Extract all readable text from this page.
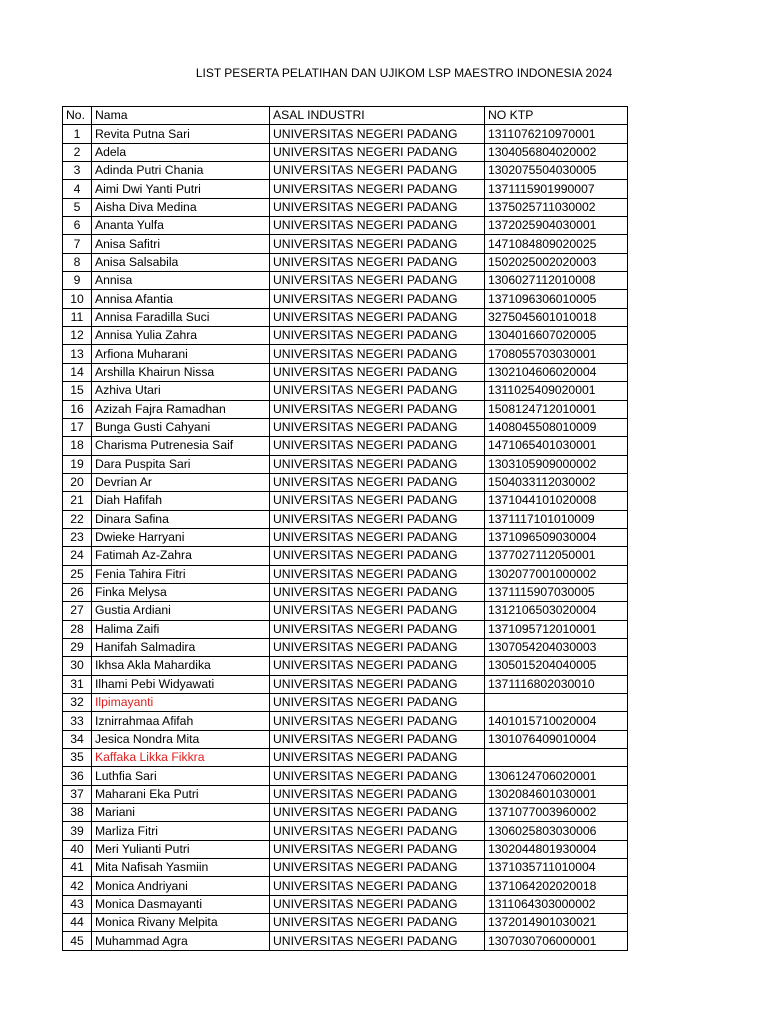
LIST PESERTA PELATIHAN DAN UJIKOM LSP MAESTRO INDONESIA 2024
No.	Nama	ASAL INDUSTRI	NO KTP
1	Revita Putna Sari	UNIVERSITAS NEGERI PADANG	1311076210970001
2	Adela	UNIVERSITAS NEGERI PADANG	1304056804020002
3	Adinda Putri Chania	UNIVERSITAS NEGERI PADANG	1302075504030005
4	Aimi Dwi Yanti Putri	UNIVERSITAS NEGERI PADANG	1371115901990007
5	Aisha Diva Medina	UNIVERSITAS NEGERI PADANG	1375025711030002
6	Ananta Yulfa	UNIVERSITAS NEGERI PADANG	1372025904030001
7	Anisa Safitri	UNIVERSITAS NEGERI PADANG	1471084809020025
8	Anisa Salsabila	UNIVERSITAS NEGERI PADANG	1502025002020003
9	Annisa	UNIVERSITAS NEGERI PADANG	1306027112010008
10	Annisa Afantia	UNIVERSITAS NEGERI PADANG	1371096306010005
11	Annisa Faradilla Suci	UNIVERSITAS NEGERI PADANG	3275045601010018
12	Annisa Yulia Zahra	UNIVERSITAS NEGERI PADANG	1304016607020005
13	Arfiona Muharani	UNIVERSITAS NEGERI PADANG	1708055703030001
14	Arshilla Khairun Nissa	UNIVERSITAS NEGERI PADANG	1302104606020004
15	Azhiva Utari	UNIVERSITAS NEGERI PADANG	1311025409020001
16	Azizah Fajra Ramadhan	UNIVERSITAS NEGERI PADANG	1508124712010001
17	Bunga Gusti Cahyani	UNIVERSITAS NEGERI PADANG	1408045508010009
18	Charisma Putrenesia Saif	UNIVERSITAS NEGERI PADANG	1471065401030001
19	Dara Puspita Sari	UNIVERSITAS NEGERI PADANG	1303105909000002
20	Devrian Ar	UNIVERSITAS NEGERI PADANG	1504033112030002
21	Diah Hafifah	UNIVERSITAS NEGERI PADANG	1371044101020008
22	Dinara Safina	UNIVERSITAS NEGERI PADANG	1371117101010009
23	Dwieke Harryani	UNIVERSITAS NEGERI PADANG	1371096509030004
24	Fatimah Az-Zahra	UNIVERSITAS NEGERI PADANG	1377027112050001
25	Fenia Tahira Fitri	UNIVERSITAS NEGERI PADANG	1302077001000002
26	Finka Melysa	UNIVERSITAS NEGERI PADANG	1371115907030005
27	Gustia Ardiani	UNIVERSITAS NEGERI PADANG	1312106503020004
28	Halima Zaifi	UNIVERSITAS NEGERI PADANG	1371095712010001
29	Hanifah Salmadira	UNIVERSITAS NEGERI PADANG	1307054204030003
30	Ikhsa Akla Mahardika	UNIVERSITAS NEGERI PADANG	1305015204040005
31	Ilhami Pebi Widyawati	UNIVERSITAS NEGERI PADANG	1371116802030010
32	Ilpimayanti	UNIVERSITAS NEGERI PADANG	
33	Iznirrahmaa Afifah	UNIVERSITAS NEGERI PADANG	1401015710020004
34	Jesica Nondra Mita	UNIVERSITAS NEGERI PADANG	1301076409010004
35	Kaffaka Likka Fikkra	UNIVERSITAS NEGERI PADANG	
36	Luthfia Sari	UNIVERSITAS NEGERI PADANG	1306124706020001
37	Maharani Eka Putri	UNIVERSITAS NEGERI PADANG	1302084601030001
38	Mariani	UNIVERSITAS NEGERI PADANG	1371077003960002
39	Marliza Fitri	UNIVERSITAS NEGERI PADANG	1306025803030006
40	Meri Yulianti Putri	UNIVERSITAS NEGERI PADANG	1302044801930004
41	Mita Nafisah Yasmiin	UNIVERSITAS NEGERI PADANG	1371035711010004
42	Monica Andriyani	UNIVERSITAS NEGERI PADANG	1371064202020018
43	Monica Dasmayanti	UNIVERSITAS NEGERI PADANG	1311064303000002
44	Monica Rivany Melpita	UNIVERSITAS NEGERI PADANG	1372014901030021
45	Muhammad Agra	UNIVERSITAS NEGERI PADANG	1307030706000001
